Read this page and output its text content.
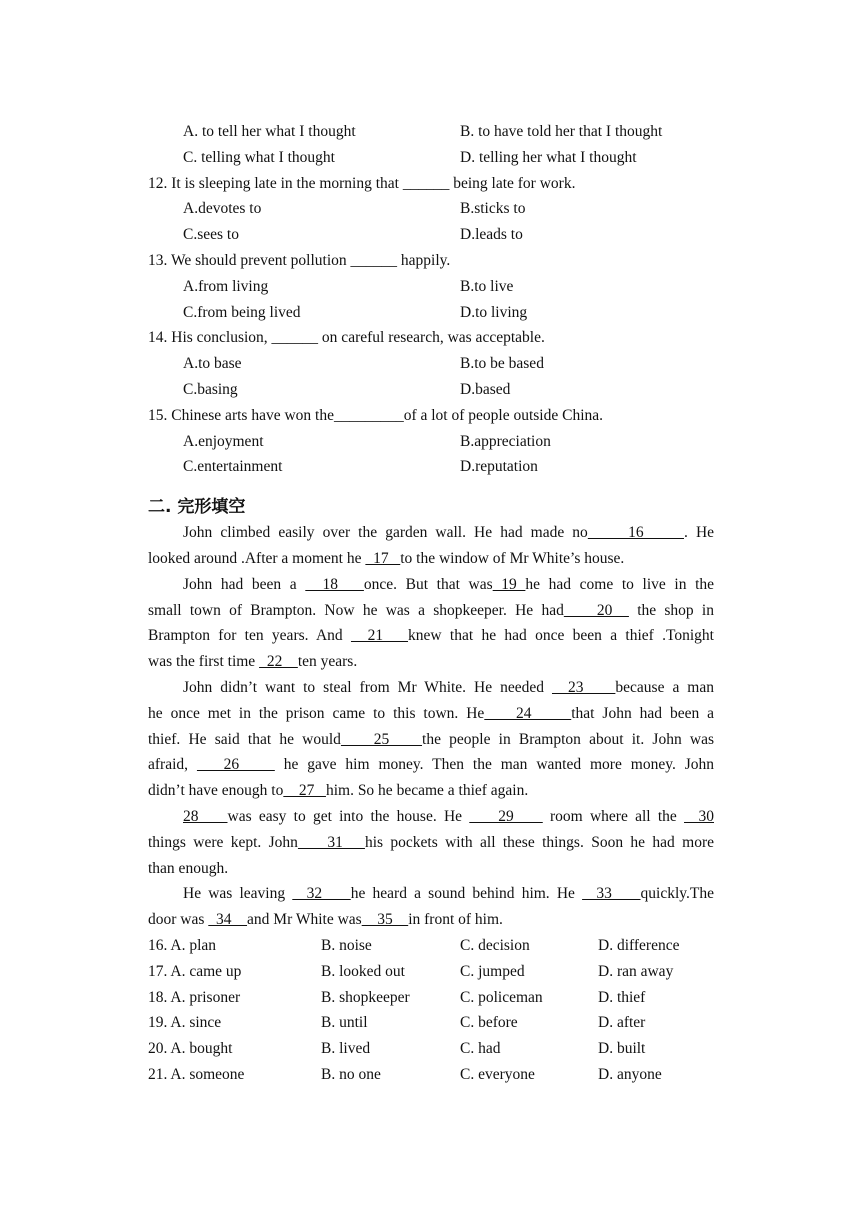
A. to tell her what I thought	B. to have told her that I thought
C. telling what I thought	D. telling her what I thought
12. It is sleeping late in the morning that ______ being late for work.
A.devotes to	B.sticks to
C.sees to	D.leads to
13. We should prevent pollution ______ happily.
A.from living	B.to live
C.from being lived	D.to living
14. His conclusion, ______ on careful research, was acceptable.
A.to base	B.to be based
C.basing	D.based
15. Chinese arts have won the_________of a lot of people outside China.
A.enjoyment	B.appreciation
C.entertainment	D.reputation
二. 完形填空
John climbed easily over the garden wall. He had made no     16     . He
looked around .After a moment he   17   to the window of Mr White’s house.
John had been a   18   once. But that was 19 he had come to live in the
small town of Brampton. Now he was a shopkeeper. He had    20   the shop in
Brampton for ten years. And   21   knew that he had once been a thief .Tonight
was the first time   22    ten years.
John didn’t want to steal from Mr White. He needed   23    because a man
he once met in the prison came to this town. He    24     that John had been a
thief. He said that he would    25    the people in Brampton about it. John was
afraid,    26     he gave him money. Then the man wanted more money. John
didn’t have enough to    27   him. So he became a thief again.
28    was easy to get into the house. He     29     room where all the   30
things were kept. John    31   his pockets with all these things. Soon he had more
than enough.
He was leaving   32    he heard a sound behind him. He   33    quickly.The
door was   34    and Mr White was    35    in front of him.
16. A. plan	B. noise	C. decision	D. difference
17. A. came up	B. looked out	C. jumped	D. ran away
18. A. prisoner	B. shopkeeper	C. policeman	D. thief
19. A. since	B. until	C. before	D. after
20. A. bought	B. lived	C. had	D. built
21. A. someone	B. no one	C. everyone	D. anyone
